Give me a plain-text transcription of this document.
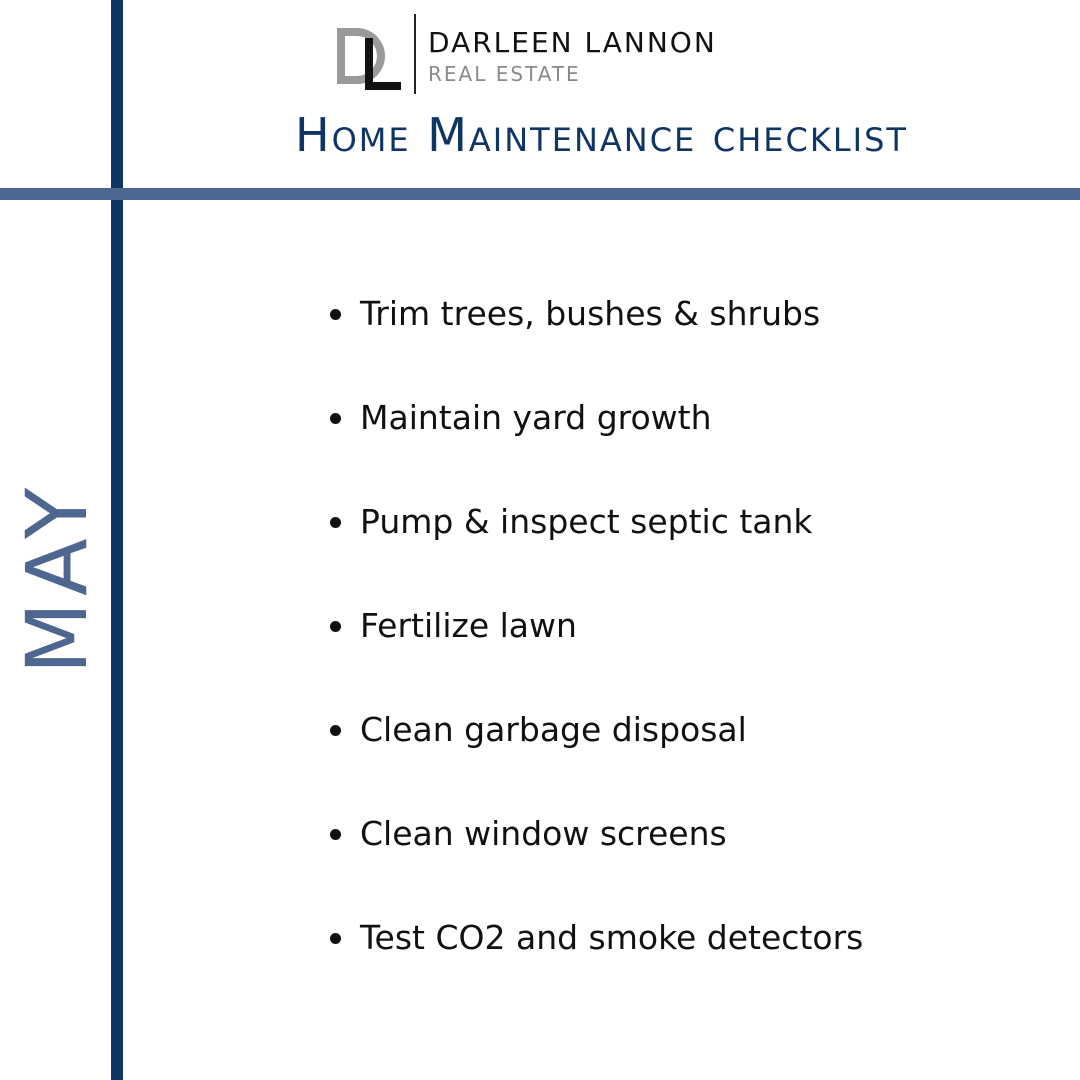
DARLEEN LANNON
REAL ESTATE
Home Maintenance checklist
MAY
Trim trees, bushes & shrubs
Maintain yard growth
Pump & inspect septic tank
Fertilize lawn
Clean garbage disposal
Clean window screens
Test CO2 and smoke detectors
